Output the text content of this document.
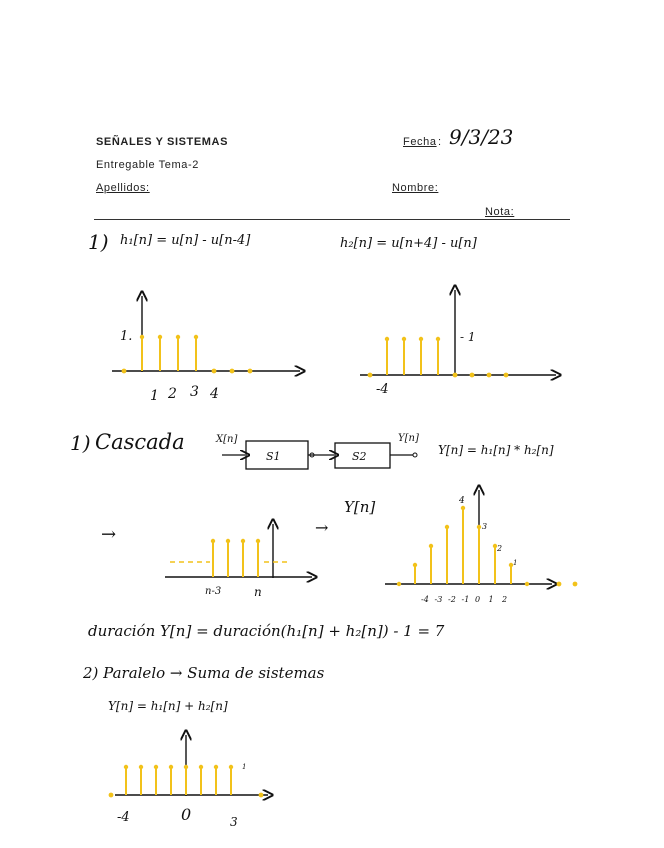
SEÑALES Y SISTEMAS
Entregable Tema-2
Apellidos:
Fecha : 9/3/23
Nombre:
Nota:
1) h₁[n] = u[n] - u[n-4]	h₂[n] = u[n+4] - u[n]
1) Cascada	Y[n] = h₁[n] * h₂[n]
→	→
Y[n]
duración Y[n] = duración(h₁[n] + h₂[n]) - 1 = 7
2) Paralelo → Suma de sistemas
Y[n] = h₁[n] + h₂[n]
1.
1 2 3 4
- 1
-4
X[n]
S1	S2
Y[n]
n-3	n
4
3
2
1
-4 -3 -2 -1 0 1 2
1
-4	0	3
